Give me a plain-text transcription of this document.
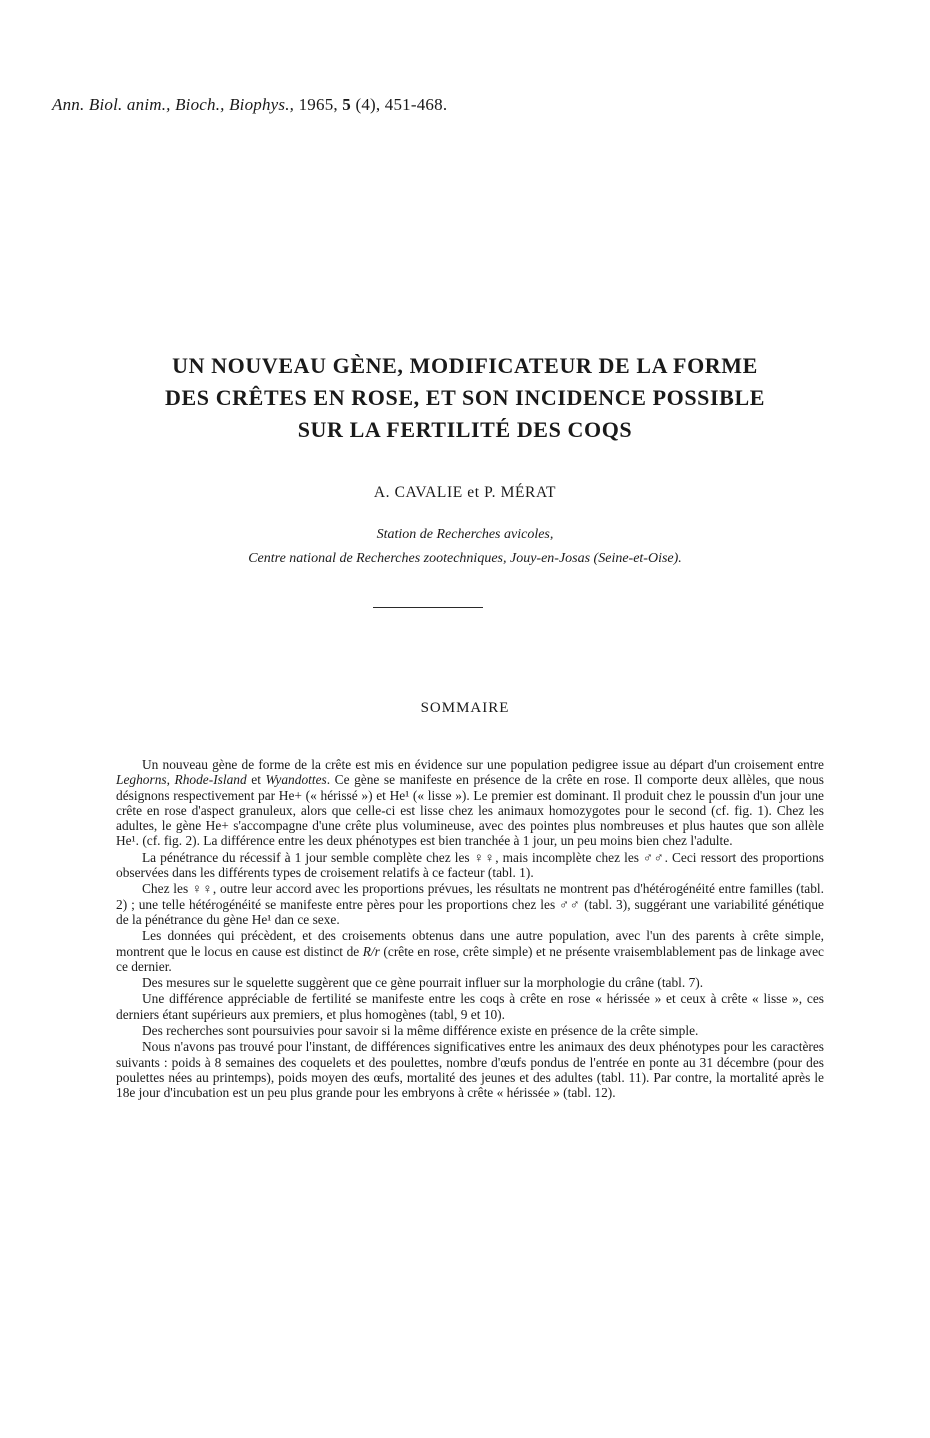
Ann. Biol. anim., Bioch., Biophys., 1965, 5 (4), 451-468.
UN NOUVEAU GÈNE, MODIFICATEUR DE LA FORME
DES CRÊTES EN ROSE, ET SON INCIDENCE POSSIBLE
SUR LA FERTILITÉ DES COQS
A. CAVALIE et P. MÉRAT
Station de Recherches avicoles,
Centre national de Recherches zootechniques, Jouy-en-Josas (Seine-et-Oise).
SOMMAIRE

Un nouveau gène de forme de la crête est mis en évidence sur une population pedigree issue au départ d'un croisement entre Leghorns, Rhode-Island et Wyandottes. Ce gène se manifeste en présence de la crête en rose. Il comporte deux allèles, que nous désignons respectivement par He+ (« hérissé ») et He¹ (« lisse »). Le premier est dominant. Il produit chez le poussin d'un jour une crête en rose d'aspect granuleux, alors que celle-ci est lisse chez les animaux homozygotes pour le second (cf. fig. 1). Chez les adultes, le gène He+ s'accompagne d'une crête plus volumineuse, avec des pointes plus nombreuses et plus hautes que son allèle He¹. (cf. fig. 2). La différence entre les deux phénotypes est bien tranchée à 1 jour, un peu moins bien chez l'adulte.

La pénétrance du récessif à 1 jour semble complète chez les ♀♀, mais incomplète chez les ♂♂. Ceci ressort des proportions observées dans les différents types de croisement relatifs à ce facteur (tabl. 1).

Chez les ♀♀, outre leur accord avec les proportions prévues, les résultats ne montrent pas d'hétérogénéité entre familles (tabl. 2) ; une telle hétérogénéité se manifeste entre pères pour les proportions chez les ♂♂ (tabl. 3), suggérant une variabilité génétique de la pénétrance du gène He¹ dan ce sexe.

Les données qui précèdent, et des croisements obtenus dans une autre population, avec l'un des parents à crête simple, montrent que le locus en cause est distinct de R/r (crête en rose, crête simple) et ne présente vraisemblablement pas de linkage avec ce dernier.

Des mesures sur le squelette suggèrent que ce gène pourrait influer sur la morphologie du crâne (tabl. 7).

Une différence appréciable de fertilité se manifeste entre les coqs à crête en rose « hérissée » et ceux à crête « lisse », ces derniers étant supérieurs aux premiers, et plus homogènes (tabl, 9 et 10).

Des recherches sont poursuivies pour savoir si la même différence existe en présence de la crête simple.

Nous n'avons pas trouvé pour l'instant, de différences significatives entre les animaux des deux phénotypes pour les caractères suivants : poids à 8 semaines des coquelets et des poulettes, nombre d'œufs pondus de l'entrée en ponte au 31 décembre (pour des poulettes nées au printemps), poids moyen des œufs, mortalité des jeunes et des adultes (tabl. 11). Par contre, la mortalité après le 18e jour d'incubation est un peu plus grande pour les embryons à crête « hérissée » (tabl. 12).
